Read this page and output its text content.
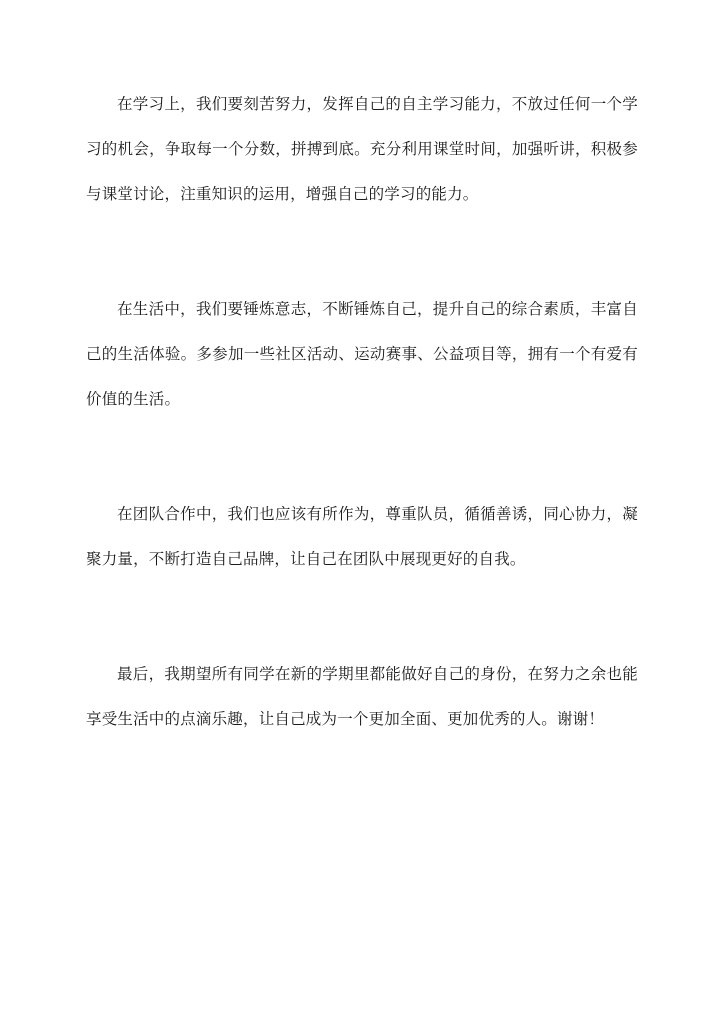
在学习上，我们要刻苦努力，发挥自己的自主学习能力，不放过任何一个学习的机会，争取每一个分数，拼搏到底。充分利用课堂时间，加强听讲，积极参与课堂讨论，注重知识的运用，增强自己的学习的能力。

在生活中，我们要锤炼意志，不断锤炼自己，提升自己的综合素质，丰富自己的生活体验。多参加一些社区活动、运动赛事、公益项目等，拥有一个有爱有价值的生活。

在团队合作中，我们也应该有所作为，尊重队员，循循善诱，同心协力，凝聚力量，不断打造自己品牌，让自己在团队中展现更好的自我。

最后，我期望所有同学在新的学期里都能做好自己的身份，在努力之余也能享受生活中的点滴乐趣，让自己成为一个更加全面、更加优秀的人。谢谢！
